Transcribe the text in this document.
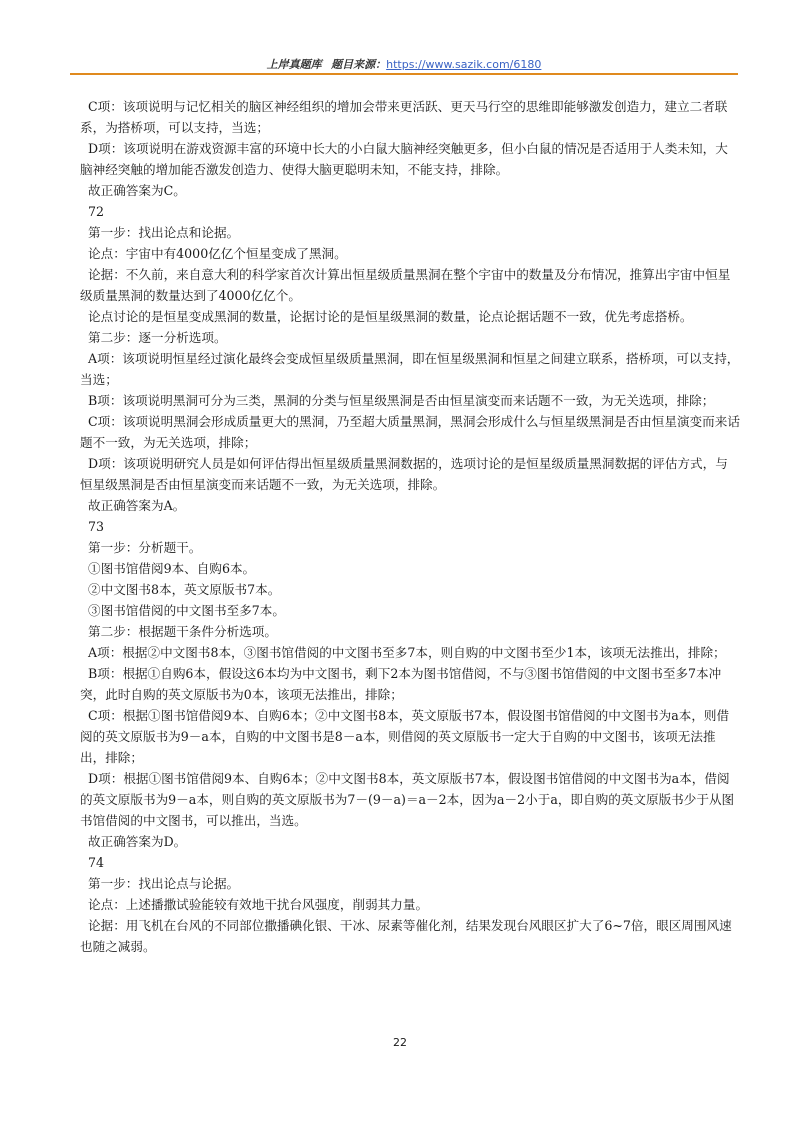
上岸真题库 题目来源：https://www.sazik.com/6180

C项：该项说明与记忆相关的脑区神经组织的增加会带来更活跃、更天马行空的思维即能够激发创造力，建立二者联系，为搭桥项，可以支持，当选；

D项：该项说明在游戏资源丰富的环境中长大的小白鼠大脑神经突触更多，但小白鼠的情况是否适用于人类未知，大脑神经突触的增加能否激发创造力、使得大脑更聪明未知，不能支持，排除。

故正确答案为C。

72

第一步：找出论点和论据。

论点：宇宙中有4000亿亿个恒星变成了黑洞。

论据：不久前，来自意大利的科学家首次计算出恒星级质量黑洞在整个宇宙中的数量及分布情况，推算出宇宙中恒星级质量黑洞的数量达到了4000亿亿个。

论点讨论的是恒星变成黑洞的数量，论据讨论的是恒星级黑洞的数量，论点论据话题不一致，优先考虑搭桥。

第二步：逐一分析选项。

A项：该项说明恒星经过演化最终会变成恒星级质量黑洞，即在恒星级黑洞和恒星之间建立联系，搭桥项，可以支持，当选；

B项：该项说明黑洞可分为三类，黑洞的分类与恒星级黑洞是否由恒星演变而来话题不一致，为无关选项，排除；

C项：该项说明黑洞会形成质量更大的黑洞，乃至超大质量黑洞，黑洞会形成什么与恒星级黑洞是否由恒星演变而来话题不一致，为无关选项，排除；

D项：该项说明研究人员是如何评估得出恒星级质量黑洞数据的，选项讨论的是恒星级质量黑洞数据的评估方式，与恒星级黑洞是否由恒星演变而来话题不一致，为无关选项，排除。

故正确答案为A。

73

第一步：分析题干。

①图书馆借阅9本、自购6本。

②中文图书8本，英文原版书7本。

③图书馆借阅的中文图书至多7本。

第二步：根据题干条件分析选项。

A项：根据②中文图书8本，③图书馆借阅的中文图书至多7本，则自购的中文图书至少1本，该项无法推出，排除；

B项：根据①自购6本，假设这6本均为中文图书，剩下2本为图书馆借阅，不与③图书馆借阅的中文图书至多7本冲突，此时自购的英文原版书为0本，该项无法推出，排除；

C项：根据①图书馆借阅9本、自购6本；②中文图书8本，英文原版书7本，假设图书馆借阅的中文图书为a本，则借阅的英文原版书为9－a本，自购的中文图书是8－a本，则借阅的英文原版书一定大于自购的中文图书，该项无法推出，排除；

D项：根据①图书馆借阅9本、自购6本；②中文图书8本，英文原版书7本，假设图书馆借阅的中文图书为a本，借阅的英文原版书为9－a本，则自购的英文原版书为7－(9－a)＝a－2本，因为a－2小于a，即自购的英文原版书少于从图书馆借阅的中文图书，可以推出，当选。

故正确答案为D。

74

第一步：找出论点与论据。

论点：上述播撒试验能较有效地干扰台风强度，削弱其力量。

论据：用飞机在台风的不同部位撒播碘化银、干冰、尿素等催化剂，结果发现台风眼区扩大了6~7倍，眼区周围风速也随之减弱。

22
